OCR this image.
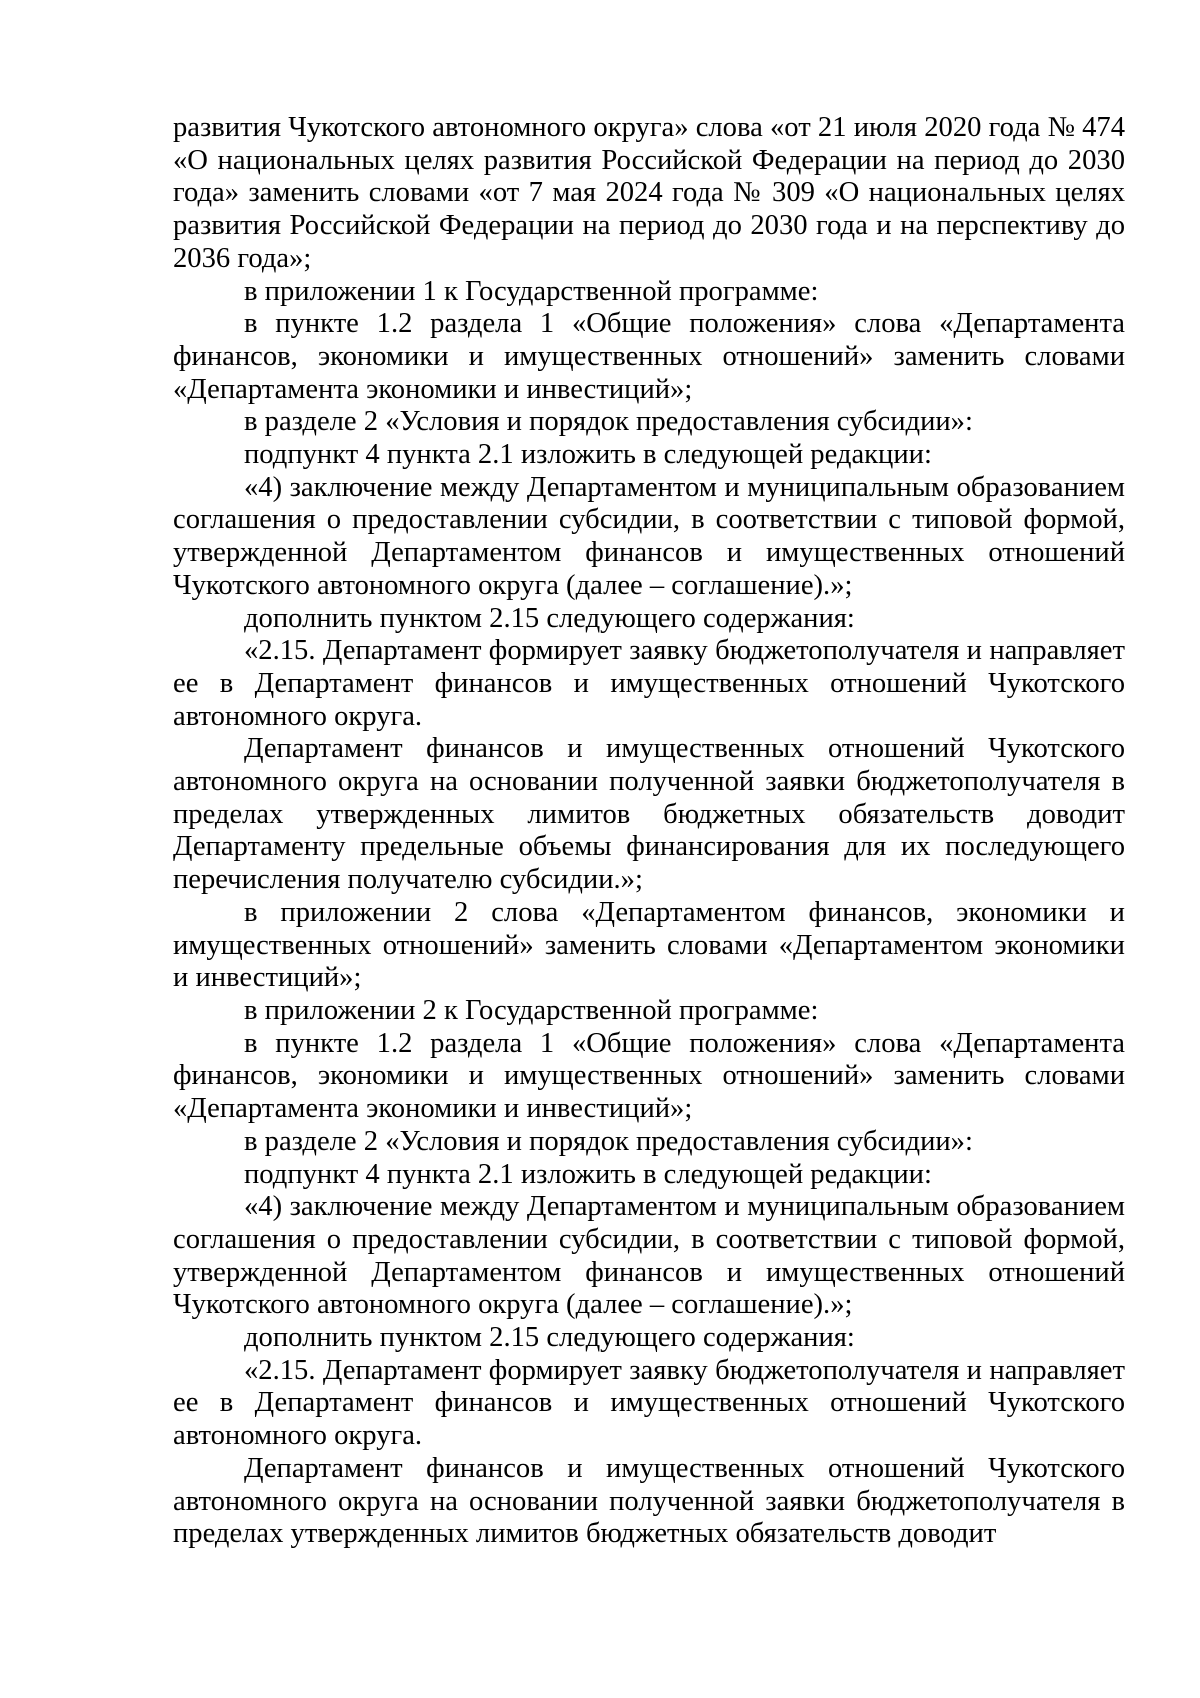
развития Чукотского автономного округа» слова «от 21 июля 2020 года № 474 «О национальных целях развития Российской Федерации на период до 2030 года» заменить словами «от 7 мая 2024 года № 309 «О национальных целях развития Российской Федерации на период до 2030 года и на перспективу до 2036 года»;

в приложении 1 к Государственной программе:

в пункте 1.2 раздела 1 «Общие положения» слова «Департамента финансов, экономики и имущественных отношений» заменить словами «Департамента экономики и инвестиций»;

в разделе 2 «Условия и порядок предоставления субсидии»:

подпункт 4 пункта 2.1 изложить в следующей редакции:

«4) заключение между Департаментом и муниципальным образованием соглашения о предоставлении субсидии, в соответствии с типовой формой, утвержденной Департаментом финансов и имущественных отношений Чукотского автономного округа (далее – соглашение).»;

дополнить пунктом 2.15 следующего содержания:

«2.15. Департамент формирует заявку бюджетополучателя и направляет ее в Департамент финансов и имущественных отношений Чукотского автономного округа.

Департамент финансов и имущественных отношений Чукотского автономного округа на основании полученной заявки бюджетополучателя в пределах утвержденных лимитов бюджетных обязательств доводит Департаменту предельные объемы финансирования для их последующего перечисления получателю субсидии.»;

в приложении 2 слова «Департаментом финансов, экономики и имущественных отношений» заменить словами «Департаментом экономики и инвестиций»;

в приложении 2 к Государственной программе:

в пункте 1.2 раздела 1 «Общие положения» слова «Департамента финансов, экономики и имущественных отношений» заменить словами «Департамента экономики и инвестиций»;

в разделе 2 «Условия и порядок предоставления субсидии»:

подпункт 4 пункта 2.1 изложить в следующей редакции:

«4) заключение между Департаментом и муниципальным образованием соглашения о предоставлении субсидии, в соответствии с типовой формой, утвержденной Департаментом финансов и имущественных отношений Чукотского автономного округа (далее – соглашение).»;

дополнить пунктом 2.15 следующего содержания:

«2.15. Департамент формирует заявку бюджетополучателя и направляет ее в Департамент финансов и имущественных отношений Чукотского автономного округа.

Департамент финансов и имущественных отношений Чукотского автономного округа на основании полученной заявки бюджетополучателя в пределах утвержденных лимитов бюджетных обязательств доводит
